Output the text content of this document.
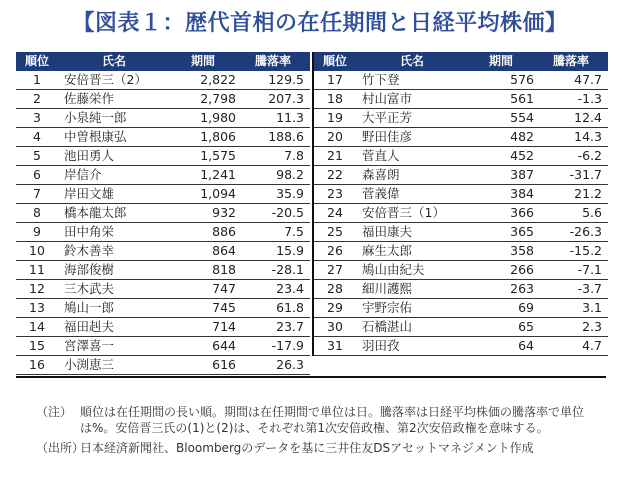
【図表１：歴代首相の在任期間と日経平均株価】
順位	氏名	期間	騰落率
1	安倍晋三（2）	2,822	129.5
2	佐藤栄作	2,798	207.3
3	小泉純一郎	1,980	11.3
4	中曽根康弘	1,806	188.6
5	池田勇人	1,575	7.8
6	岸信介	1,241	98.2
7	岸田文雄	1,094	35.9
8	橋本龍太郎	932	-20.5
9	田中角栄	886	7.5
10	鈴木善幸	864	15.9
11	海部俊樹	818	-28.1
12	三木武夫	747	23.4
13	鳩山一郎	745	61.8
14	福田赳夫	714	23.7
15	宮澤喜一	644	-17.9
16	小渕恵三	616	26.3
順位	氏名	期間	騰落率
17	竹下登	576	47.7
18	村山富市	561	-1.3
19	大平正芳	554	12.4
20	野田佳彦	482	14.3
21	菅直人	452	-6.2
22	森喜朗	387	-31.7
23	菅義偉	384	21.2
24	安倍晋三（1）	366	5.6
25	福田康夫	365	-26.3
26	麻生太郎	358	-15.2
27	鳩山由紀夫	266	-7.1
28	細川護熙	263	-3.7
29	宇野宗佑	69	3.1
30	石橋湛山	65	2.3
31	羽田孜	64	4.7
（注） 順位は在任期間の長い順。期間は在任期間で単位は日。騰落率は日経平均株価の騰落率で単位は%。安倍晋三氏の(1)と(2)は、それぞれ第1次安倍政権、第2次安倍政権を意味する。
（出所）
日本経済新聞社、Bloombergのデータを基に三井住友DSアセットマネジメント作成
